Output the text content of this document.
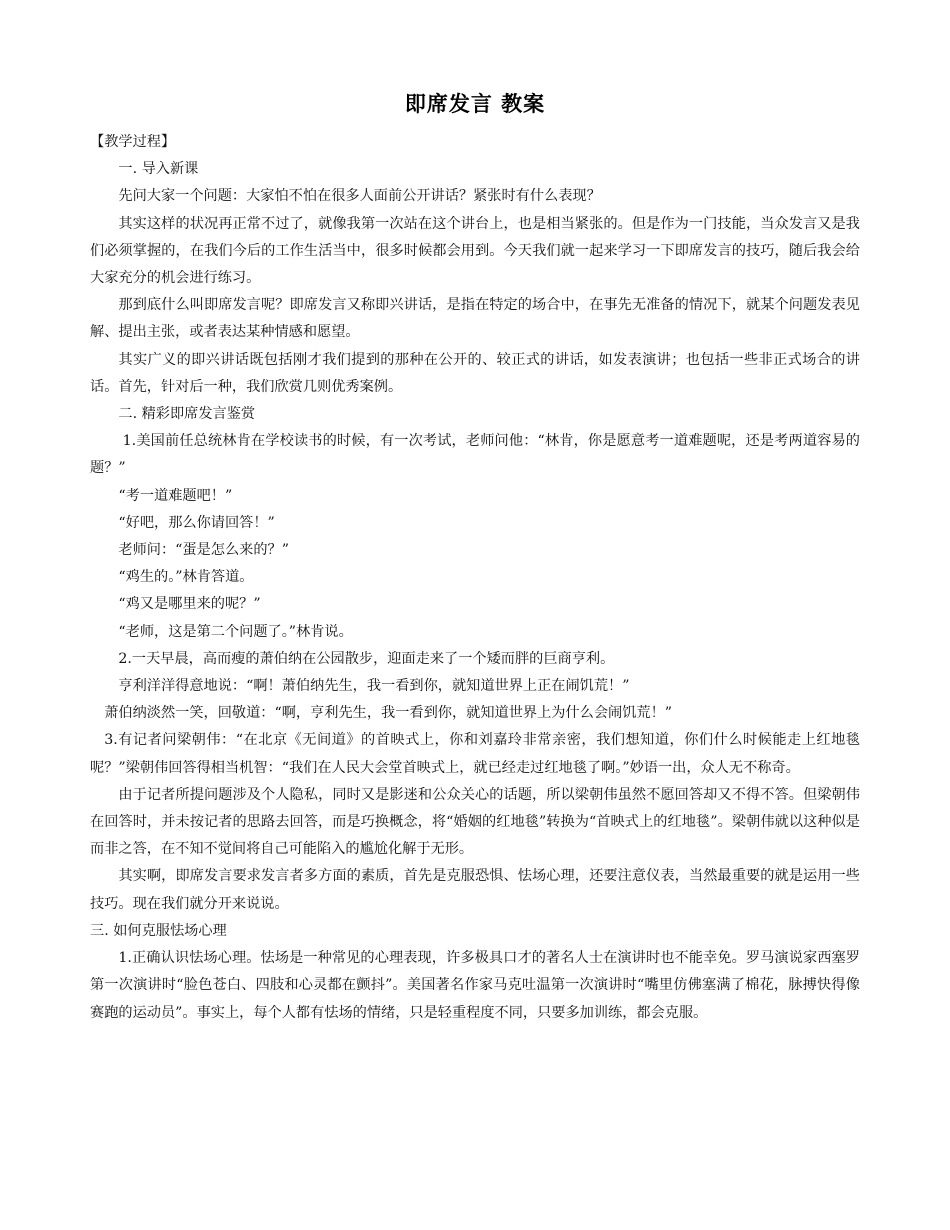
即席发言 教案

【教学过程】

一. 导入新课

先问大家一个问题：大家怕不怕在很多人面前公开讲话？紧张时有什么表现？

其实这样的状况再正常不过了，就像我第一次站在这个讲台上，也是相当紧张的。但是作为一门技能，当众发言又是我们必须掌握的，在我们今后的工作生活当中，很多时候都会用到。今天我们就一起来学习一下即席发言的技巧，随后我会给大家充分的机会进行练习。

那到底什么叫即席发言呢？即席发言又称即兴讲话，是指在特定的场合中，在事先无准备的情况下，就某个问题发表见解、提出主张，或者表达某种情感和愿望。

其实广义的即兴讲话既包括刚才我们提到的那种在公开的、较正式的讲话，如发表演讲；也包括一些非正式场合的讲话。首先，针对后一种，我们欣赏几则优秀案例。

二. 精彩即席发言鉴赏

1.美国前任总统林肯在学校读书的时候，有一次考试，老师问他：“林肯，你是愿意考一道难题呢，还是考两道容易的题？”

“考一道难题吧！”

“好吧，那么你请回答！”

老师问：“蛋是怎么来的？”

“鸡生的。”林肯答道。

“鸡又是哪里来的呢？”

“老师，这是第二个问题了。”林肯说。

2.一天早晨，高而瘦的萧伯纳在公园散步，迎面走来了一个矮而胖的巨商亨利。

亨利洋洋得意地说：“啊！萧伯纳先生，我一看到你，就知道世界上正在闹饥荒！”

萧伯纳淡然一笑，回敬道：“啊，亨利先生，我一看到你，就知道世界上为什么会闹饥荒！”

3.有记者问梁朝伟：“在北京《无间道》的首映式上，你和刘嘉玲非常亲密，我们想知道，你们什么时候能走上红地毯呢？”梁朝伟回答得相当机智：“我们在人民大会堂首映式上，就已经走过红地毯了啊。”妙语一出，众人无不称奇。

由于记者所提问题涉及个人隐私，同时又是影迷和公众关心的话题，所以梁朝伟虽然不愿回答却又不得不答。但梁朝伟在回答时，并未按记者的思路去回答，而是巧换概念，将“婚姻的红地毯”转换为“首映式上的红地毯”。梁朝伟就以这种似是而非之答，在不知不觉间将自己可能陷入的尴尬化解于无形。

其实啊，即席发言要求发言者多方面的素质，首先是克服恐惧、怯场心理，还要注意仪表，当然最重要的就是运用一些技巧。现在我们就分开来说说。

三. 如何克服怯场心理

1.正确认识怯场心理。怯场是一种常见的心理表现，许多极具口才的著名人士在演讲时也不能幸免。罗马演说家西塞罗第一次演讲时“脸色苍白、四肢和心灵都在颤抖”。美国著名作家马克吐温第一次演讲时“嘴里仿佛塞满了棉花，脉搏快得像赛跑的运动员”。事实上，每个人都有怯场的情绪，只是轻重程度不同，只要多加训练，都会克服。
